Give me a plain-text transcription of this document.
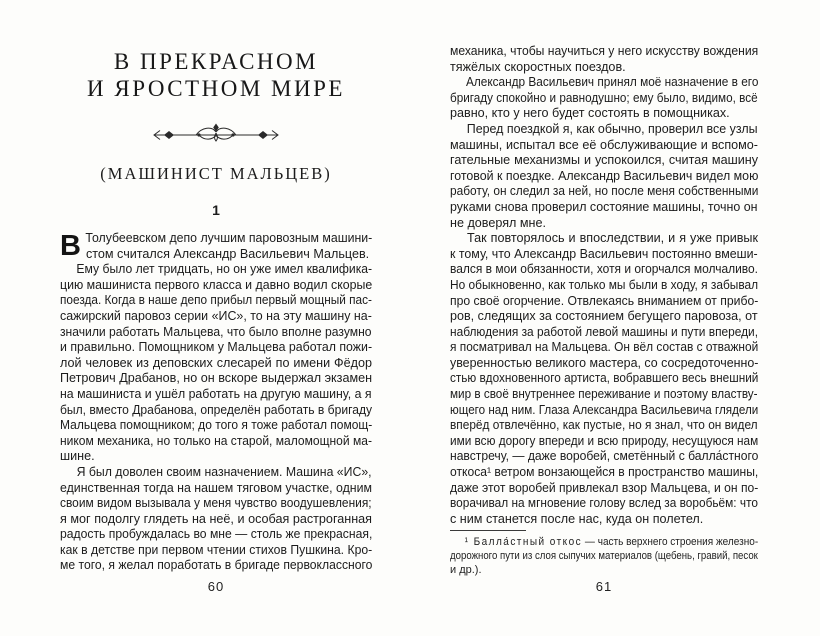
В ПРЕКРАСНОМ
И ЯРОСТНОМ МИРЕ
(МАШИНИСТ МАЛЬЦЕВ)
1
В Толубеевском депо лучшим паровозным машини-
стом считался Александр Васильевич Мальцев.
Ему было лет тридцать, но он уже имел квалифика-
цию машиниста первого класса и давно водил скорые
поезда. Когда в наше депо прибыл первый мощный пас-
сажирский паровоз серии «ИС», то на эту машину на-
значили работать Мальцева, что было вполне разумно
и правильно. Помощником у Мальцева работал пожи-
лой человек из деповских слесарей по имени Фёдор
Петрович Драбанов, но он вскоре выдержал экзамен
на машиниста и ушёл работать на другую машину, а я
был, вместо Драбанова, определён работать в бригаду
Мальцева помощником; до того я тоже работал помощ-
ником механика, но только на старой, маломощной ма-
шине.
Я был доволен своим назначением. Машина «ИС»,
единственная тогда на нашем тяговом участке, одним
своим видом вызывала у меня чувство воодушевления;
я мог подолгу глядеть на неё, и особая растроганная
радость пробуждалась во мне — столь же прекрасная,
как в детстве при первом чтении стихов Пушкина. Кро-
ме того, я желал поработать в бригаде первоклассного
60
механика, чтобы научиться у него искусству вождения
тяжёлых скоростных поездов.
Александр Васильевич принял моё назначение в его
бригаду спокойно и равнодушно; ему было, видимо, всё
равно, кто у него будет состоять в помощниках.
Перед поездкой я, как обычно, проверил все узлы
машины, испытал все её обслуживающие и вспомо-
гательные механизмы и успокоился, считая машину
готовой к поездке. Александр Васильевич видел мою
работу, он следил за ней, но после меня собственными
руками снова проверил состояние машины, точно он
не доверял мне.
Так повторялось и впоследствии, и я уже привык
к тому, что Александр Васильевич постоянно вмеши-
вался в мои обязанности, хотя и огорчался молчаливо.
Но обыкновенно, как только мы были в ходу, я забывал
про своё огорчение. Отвлекаясь вниманием от прибо-
ров, следящих за состоянием бегущего паровоза, от
наблюдения за работой левой машины и пути впереди,
я посматривал на Мальцева. Он вёл состав с отважной
уверенностью великого мастера, со сосредоточенно-
стью вдохновенного артиста, вобравшего весь внешний
мир в своё внутреннее переживание и поэтому властву-
ющего над ним. Глаза Александра Васильевича глядели
вперёд отвлечённо, как пустые, но я знал, что он видел
ими всю дорогу впереди и всю природу, несущуюся нам
навстречу, — даже воробей, сметённый с балла́стного
откоса¹ ветром вонзающейся в пространство машины,
даже этот воробей привлекал взор Мальцева, и он по-
ворачивал на мгновение голову вслед за воробьём: что
с ним станется после нас, куда он полетел.
¹ Балла́стный откос — часть верхнего строения железно-
дорожного пути из слоя сыпучих материалов (щебень, гравий, песок
и др.).
61
